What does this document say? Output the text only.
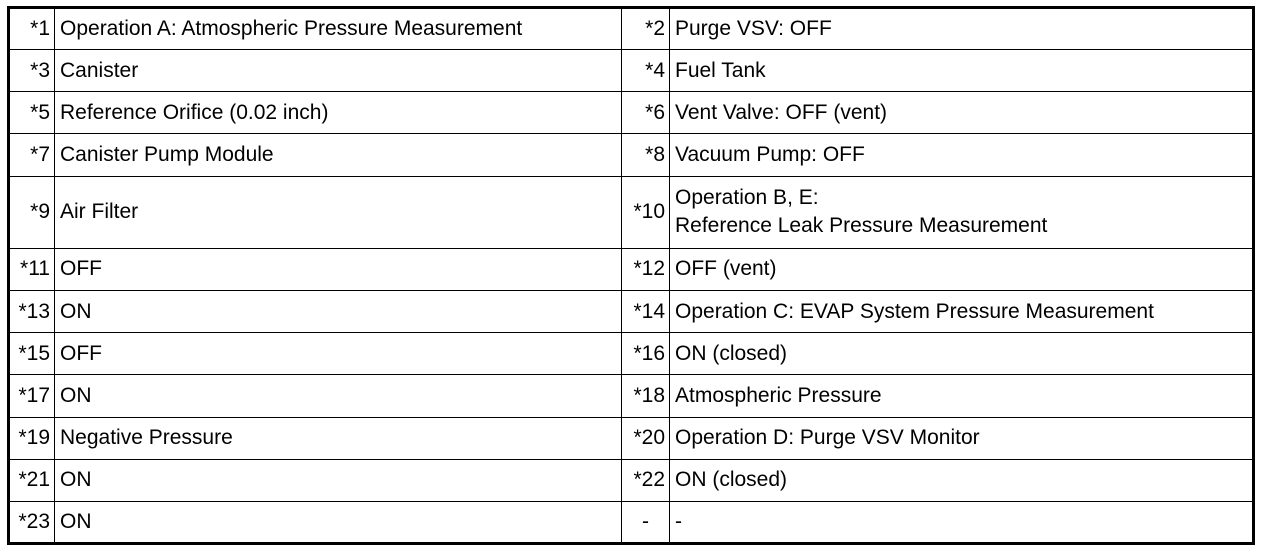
*1	Operation A: Atmospheric Pressure Measurement	*2	Purge VSV: OFF
*3	Canister	*4	Fuel Tank
*5	Reference Orifice (0.02 inch)	*6	Vent Valve: OFF (vent)
*7	Canister Pump Module	*8	Vacuum Pump: OFF
*9	Air Filter	*10	Operation B, E:
Reference Leak Pressure Measurement

*11	OFF	*12	OFF (vent)
*13	ON	*14	Operation C: EVAP System Pressure Measurement
*15	OFF	*16	ON (closed)
*17	ON	*18	Atmospheric Pressure
*19	Negative Pressure	*20	Operation D: Purge VSV Monitor
*21	ON	*22	ON (closed)
*23	ON	-	-
